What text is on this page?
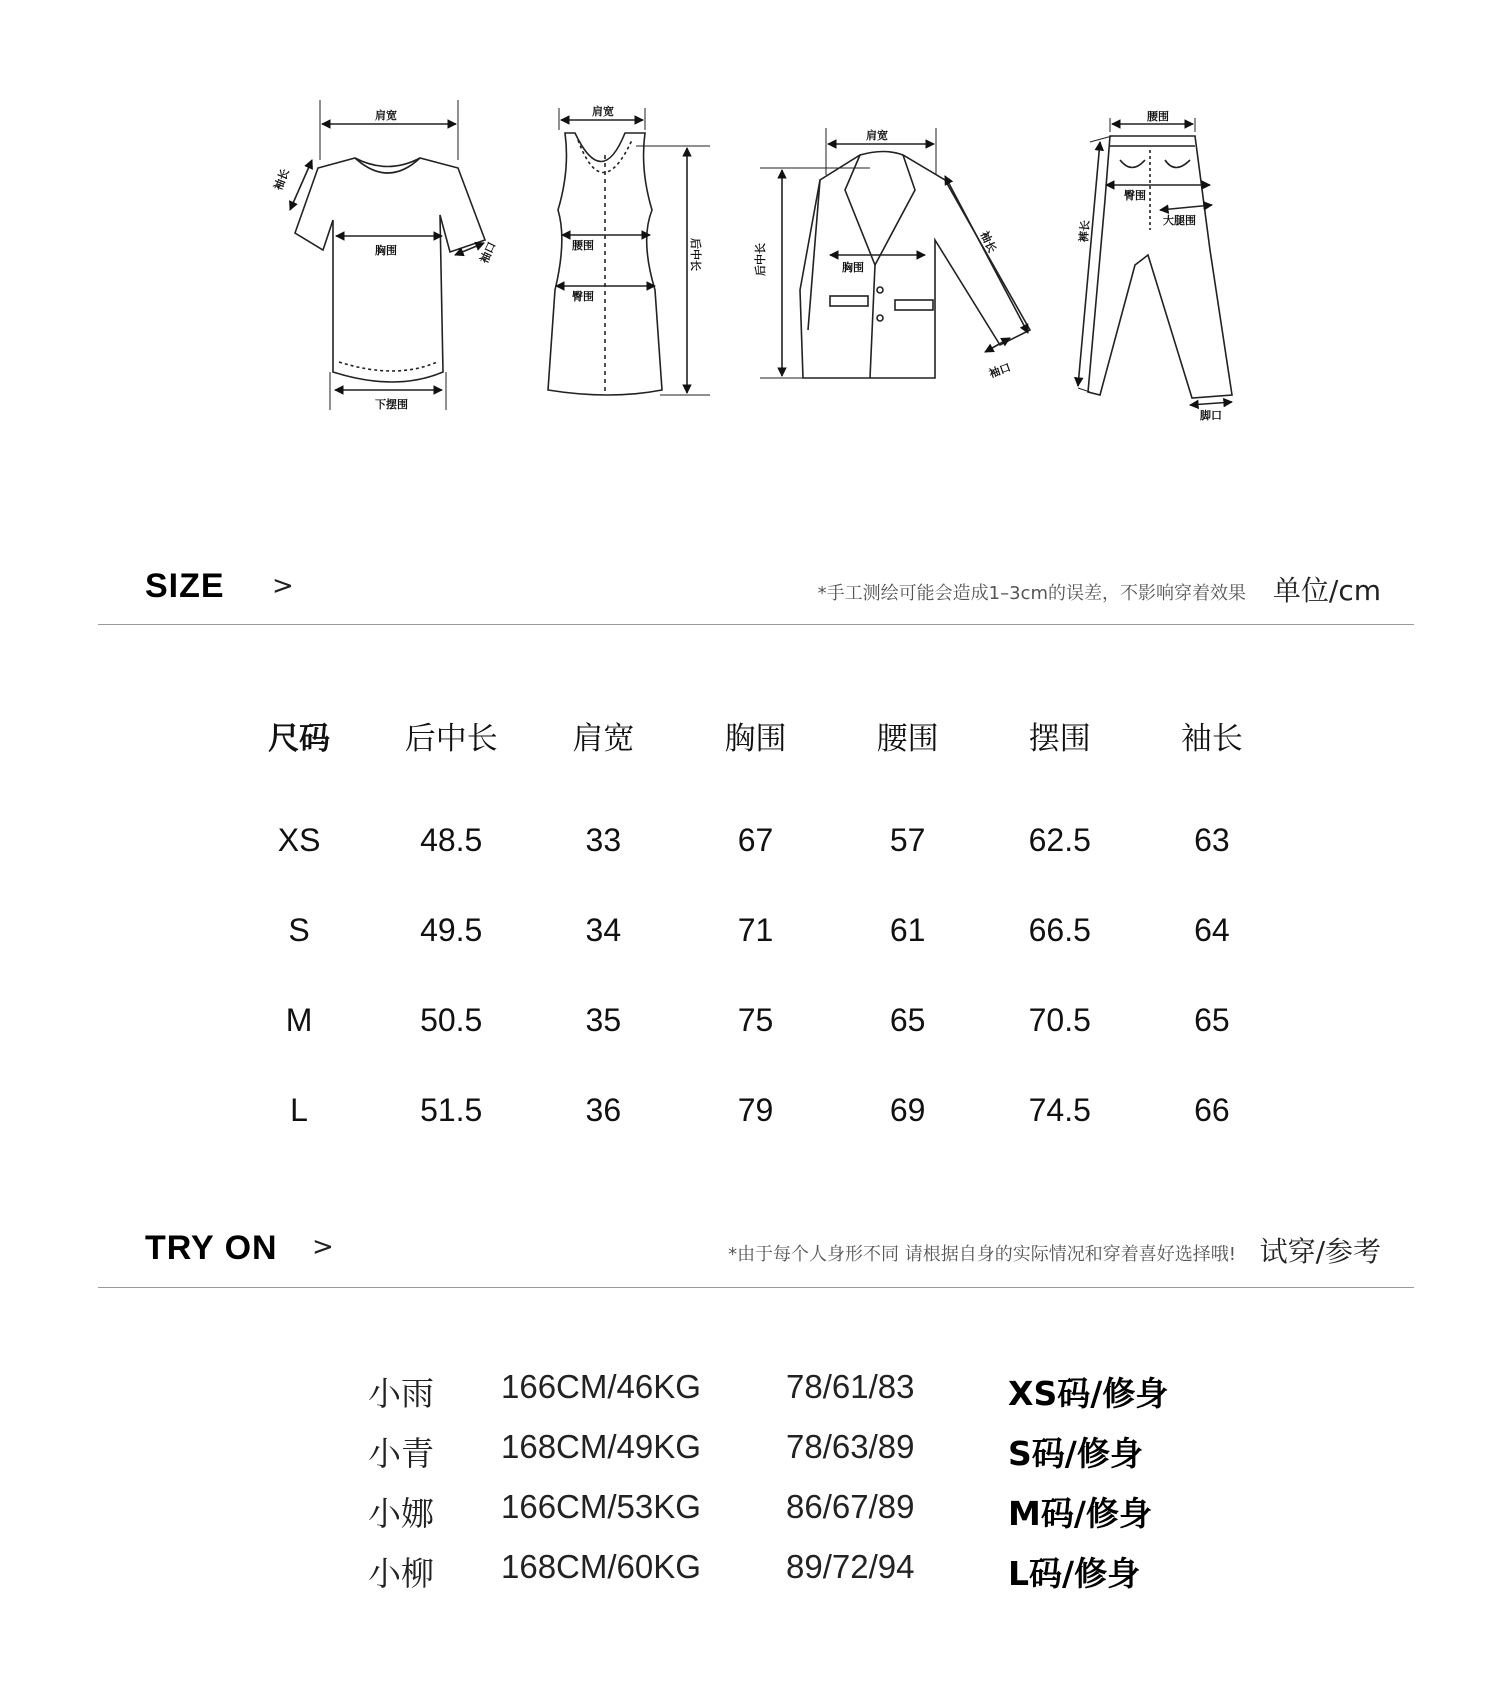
肩宽
胸围
下摆围
袖长
袖口
肩宽
腰围
臀围
后中长
肩宽
胸围
后中长
袖长
袖口
腰围
臀围
大腿围
裤长
脚口
SIZE >	*手工测绘可能会造成1–3cm的误差，不影响穿着效果 单位/cm
尺码	后中长	肩宽	胸围	腰围	摆围	袖长
XS	48.5	33	67	57	62.5	63
S	49.5	34	71	61	66.5	64
M	50.5	35	75	65	70.5	65
L	51.5	36	79	69	74.5	66
TRY ON >	*由于每个人身形不同 请根据自身的实际情况和穿着喜好选择哦! 试穿/参考
小雨 166CM/46KG	78/61/83	XS码/修身
小青 168CM/49KG	78/63/89	S码/修身
小娜 166CM/53KG	86/67/89	M码/修身
小柳 168CM/60KG	89/72/94	L码/修身
